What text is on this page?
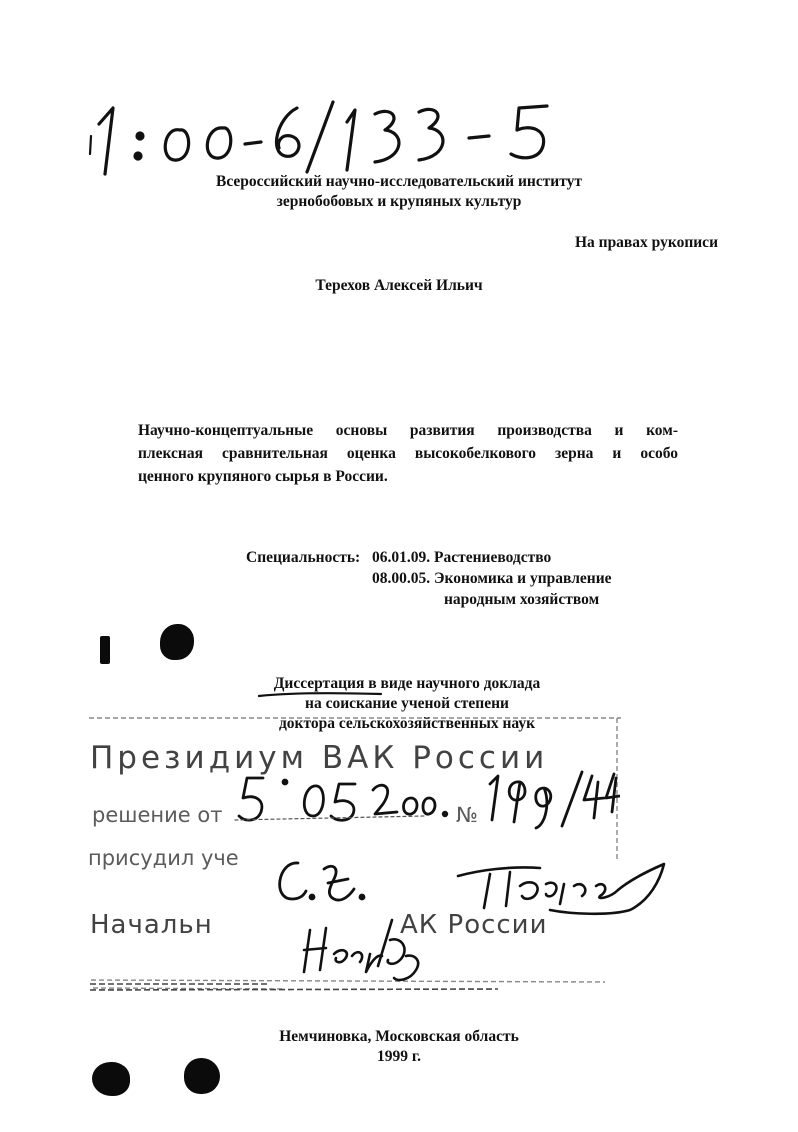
Всероссийский научно-исследовательский институт
зернобобовых и крупяных культур
На правах рукописи
Терехов Алексей Ильич
Научно-концептуальные основы развития производства и ком-
плексная сравнительная оценка высокобелкового зерна и особо
ценного крупяного сырья в России.
Специальность: 06.01.09. Растениеводство
08.00.05. Экономика и управление
народным хозяйством
Диссертация в виде научного доклада
на соискание ученой степени
доктора сельскохозяйственных наук
Президиум ВАК России
решение от	№
присудил уче
Начальн	АК России
Немчиновка, Московская область
1999 г.
